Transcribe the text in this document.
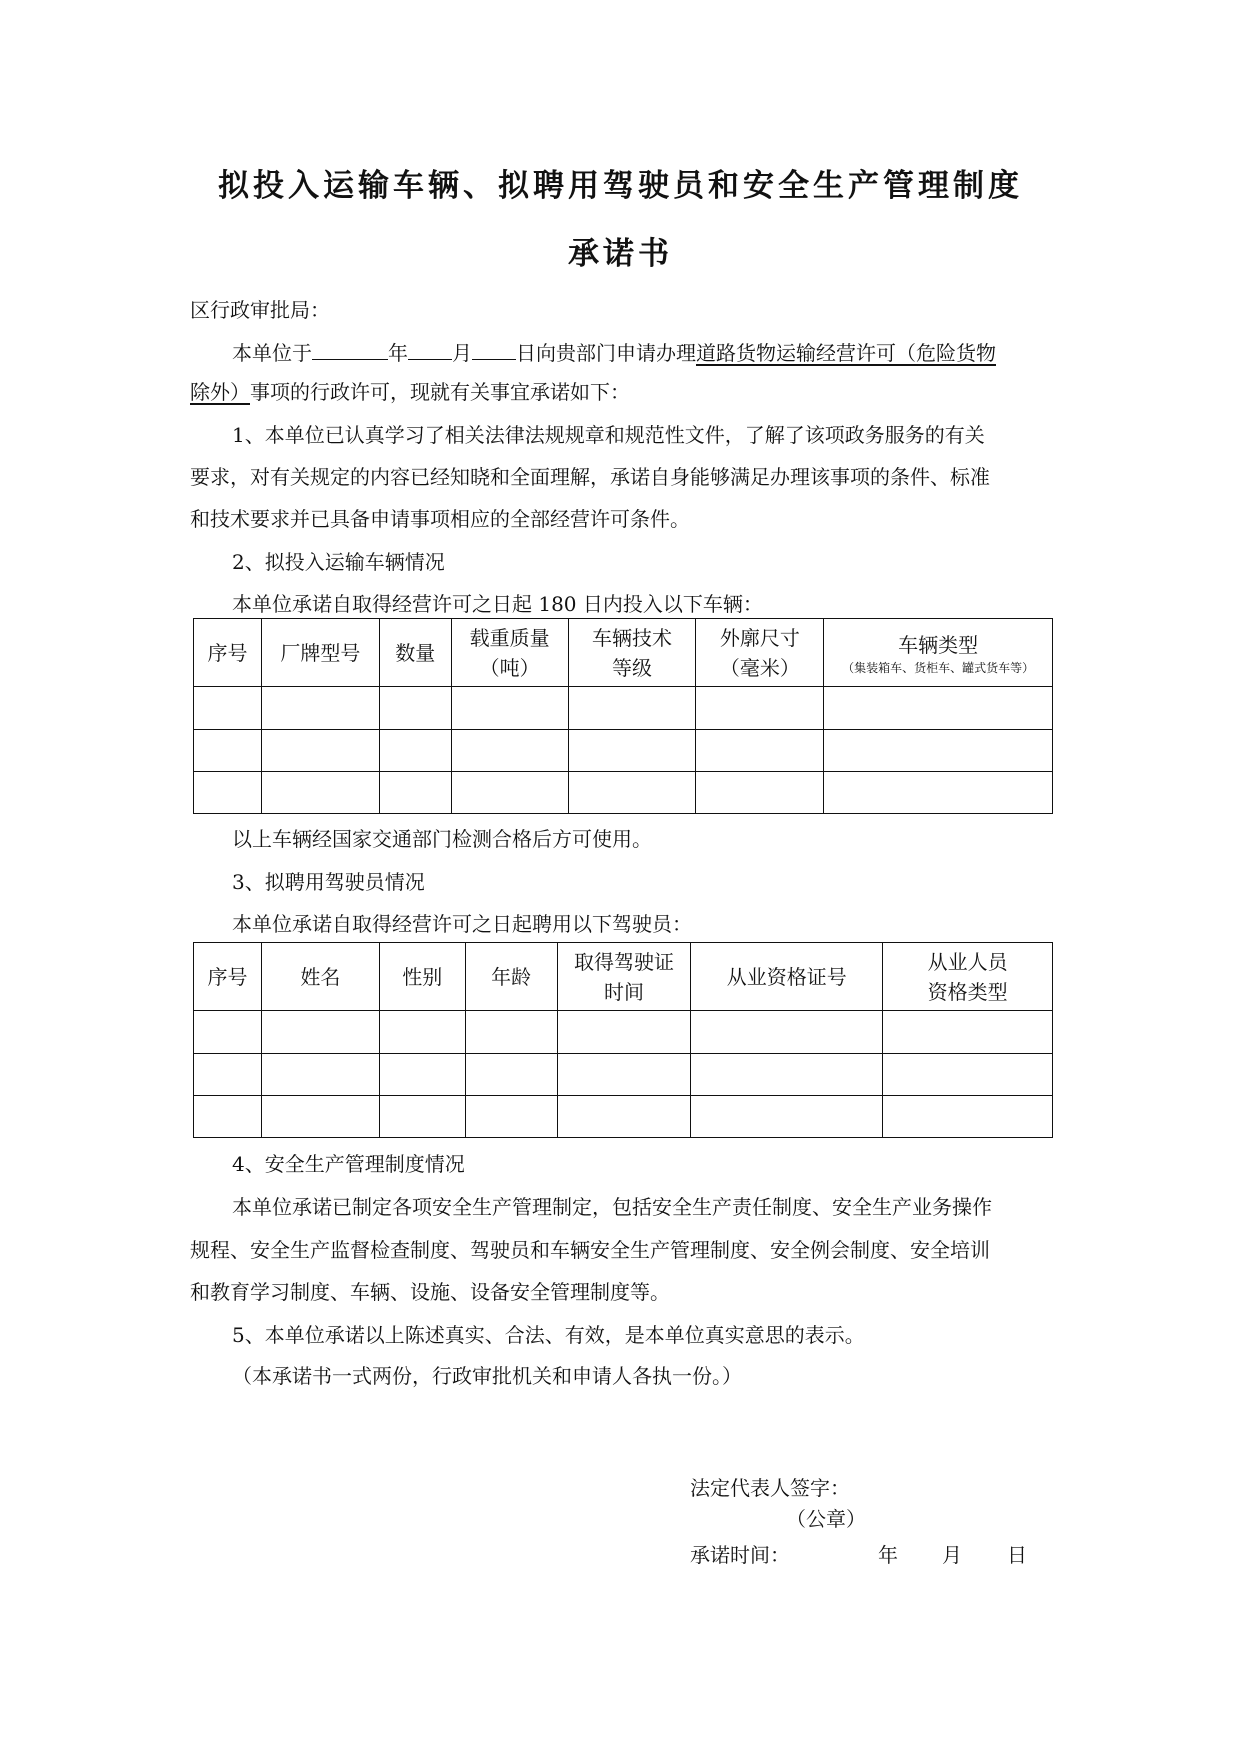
拟投入运输车辆、拟聘用驾驶员和安全生产管理制度
承诺书
区行政审批局：
本单位于	年 月 日向贵部门申请办理道路货物运输经营许可（危险货物
除外）事项的行政许可，现就有关事宜承诺如下：
1、本单位已认真学习了相关法律法规规章和规范性文件，了解了该项政务服务的有关
要求，对有关规定的内容已经知晓和全面理解，承诺自身能够满足办理该事项的条件、标准
和技术要求并已具备申请事项相应的全部经营许可条件。
2、拟投入运输车辆情况
本单位承诺自取得经营许可之日起 180 日内投入以下车辆：
序号	厂牌型号	数量	载重质量
（吨）	车辆技术
等级	外廓尺寸
（毫米）	车辆类型
（集装箱车、货柜车、罐式货车等）

以上车辆经国家交通部门检测合格后方可使用。
3、拟聘用驾驶员情况
本单位承诺自取得经营许可之日起聘用以下驾驶员：
序号	姓名	性别	年龄	取得驾驶证
时间	从业资格证号	从业人员
资格类型

4、安全生产管理制度情况
本单位承诺已制定各项安全生产管理制定，包括安全生产责任制度、安全生产业务操作
规程、安全生产监督检查制度、驾驶员和车辆安全生产管理制度、安全例会制度、安全培训
和教育学习制度、车辆、设施、设备安全管理制度等。
5、本单位承诺以上陈述真实、合法、有效，是本单位真实意思的表示。
（本承诺书一式两份，行政审批机关和申请人各执一份。）
法定代表人签字：
（公章）
承诺时间：	年 月 日
